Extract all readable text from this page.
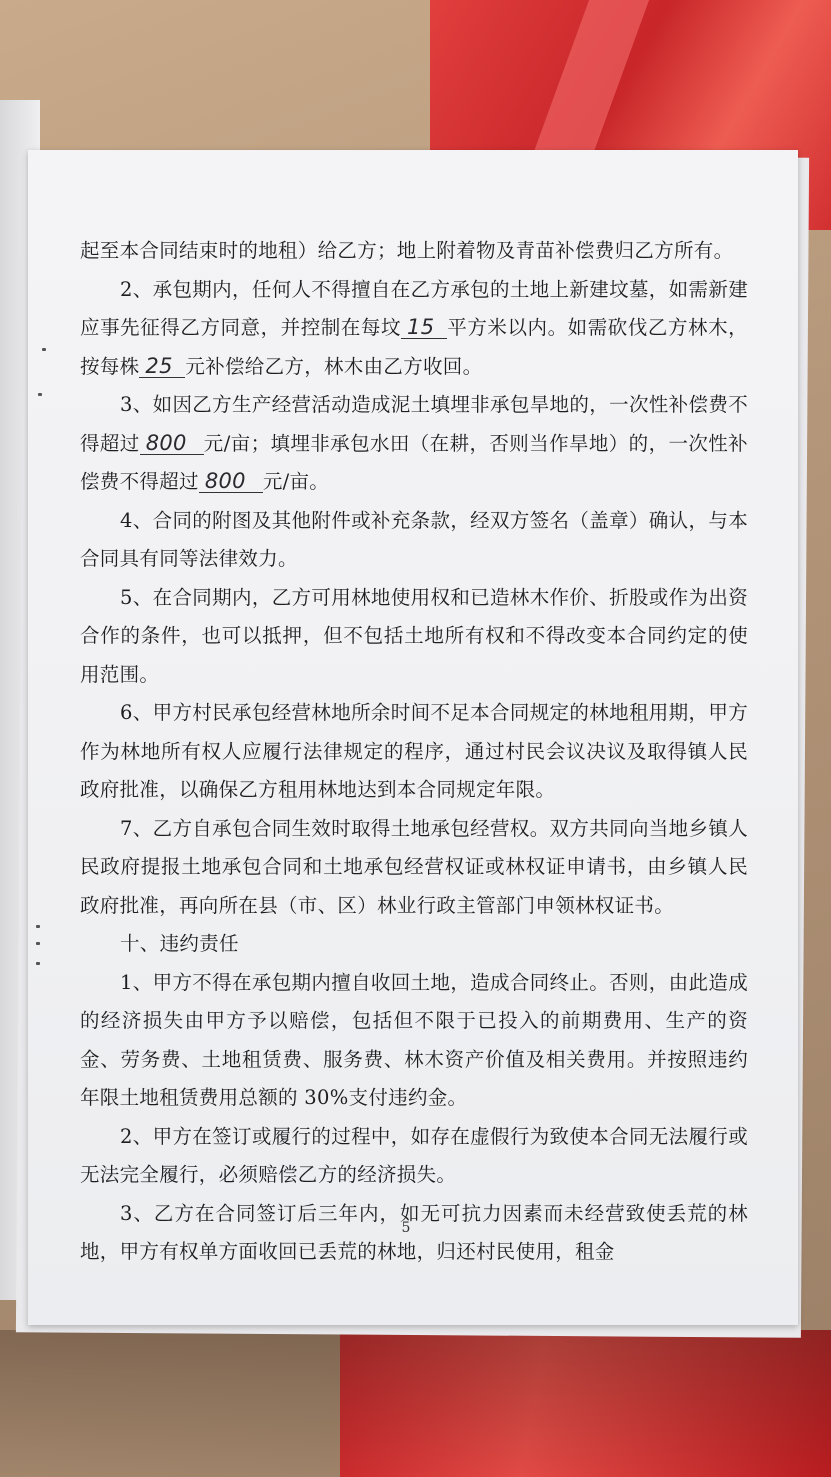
起至本合同结束时的地租）给乙方；地上附着物及青苗补偿费归乙方所有。

2、承包期内，任何人不得擅自在乙方承包的土地上新建坟墓，如需新建应事先征得乙方同意，并控制在每坟 15 平方米以内。如需砍伐乙方林木，按每株 25 元补偿给乙方，林木由乙方收回。

3、如因乙方生产经营活动造成泥土填埋非承包旱地的，一次性补偿费不得超过 800 元/亩；填埋非承包水田（在耕，否则当作旱地）的，一次性补偿费不得超过 800 元/亩。

4、合同的附图及其他附件或补充条款，经双方签名（盖章）确认，与本合同具有同等法律效力。

5、在合同期内，乙方可用林地使用权和已造林木作价、折股或作为出资合作的条件，也可以抵押，但不包括土地所有权和不得改变本合同约定的使用范围。

6、甲方村民承包经营林地所余时间不足本合同规定的林地租用期，甲方作为林地所有权人应履行法律规定的程序，通过村民会议决议及取得镇人民政府批准，以确保乙方租用林地达到本合同规定年限。

7、乙方自承包合同生效时取得土地承包经营权。双方共同向当地乡镇人民政府提报土地承包合同和土地承包经营权证或林权证申请书，由乡镇人民政府批准，再向所在县（市、区）林业行政主管部门申领林权证书。

十、违约责任

1、甲方不得在承包期内擅自收回土地，造成合同终止。否则，由此造成的经济损失由甲方予以赔偿，包括但不限于已投入的前期费用、生产的资金、劳务费、土地租赁费、服务费、林木资产价值及相关费用。并按照违约年限土地租赁费用总额的 30%支付违约金。

2、甲方在签订或履行的过程中，如存在虚假行为致使本合同无法履行或无法完全履行，必须赔偿乙方的经济损失。

3、乙方在合同签订后三年内，如无可抗力因素而未经营致使丢荒的林地，甲方有权单方面收回已丢荒的林地，归还村民使用，租金

5
